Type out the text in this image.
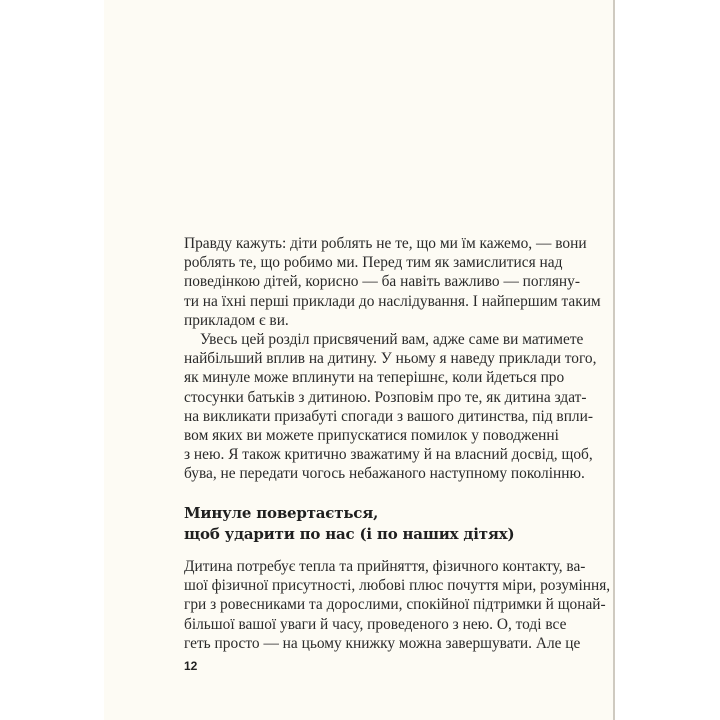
Правду кажуть: діти роблять не те, що ми їм кажемо, — вони
роблять те, що робимо ми. Перед тим як замислитися над
поведінкою дітей, корисно — ба навіть важливо — погляну-
ти на їхні перші приклади до наслідування. І найпершим таким
прикладом є ви.
Увесь цей розділ присвячений вам, адже саме ви матимете
найбільший вплив на дитину. У ньому я наведу приклади того,
як минуле може вплинути на теперішнє, коли йдеться про
стосунки батьків з дитиною. Розповім про те, як дитина здат-
на викликати призабуті спогади з вашого дитинства, під впли-
вом яких ви можете припускатися помилок у поводженні
з нею. Я також критично зважатиму й на власний досвід, щоб,
бува, не передати чогось небажаного наступному поколінню.
Минуле повертається,
щоб ударити по нас (і по наших дітях)
Дитина потребує тепла та прийняття, фізичного контакту, ва-
шої фізичної присутності, любові плюс почуття міри, розуміння,
гри з ровесниками та дорослими, спокійної підтримки й щонай-
більшої вашої уваги й часу, проведеного з нею. О, тоді все
геть просто — на цьому книжку можна завершувати. Але це
12
